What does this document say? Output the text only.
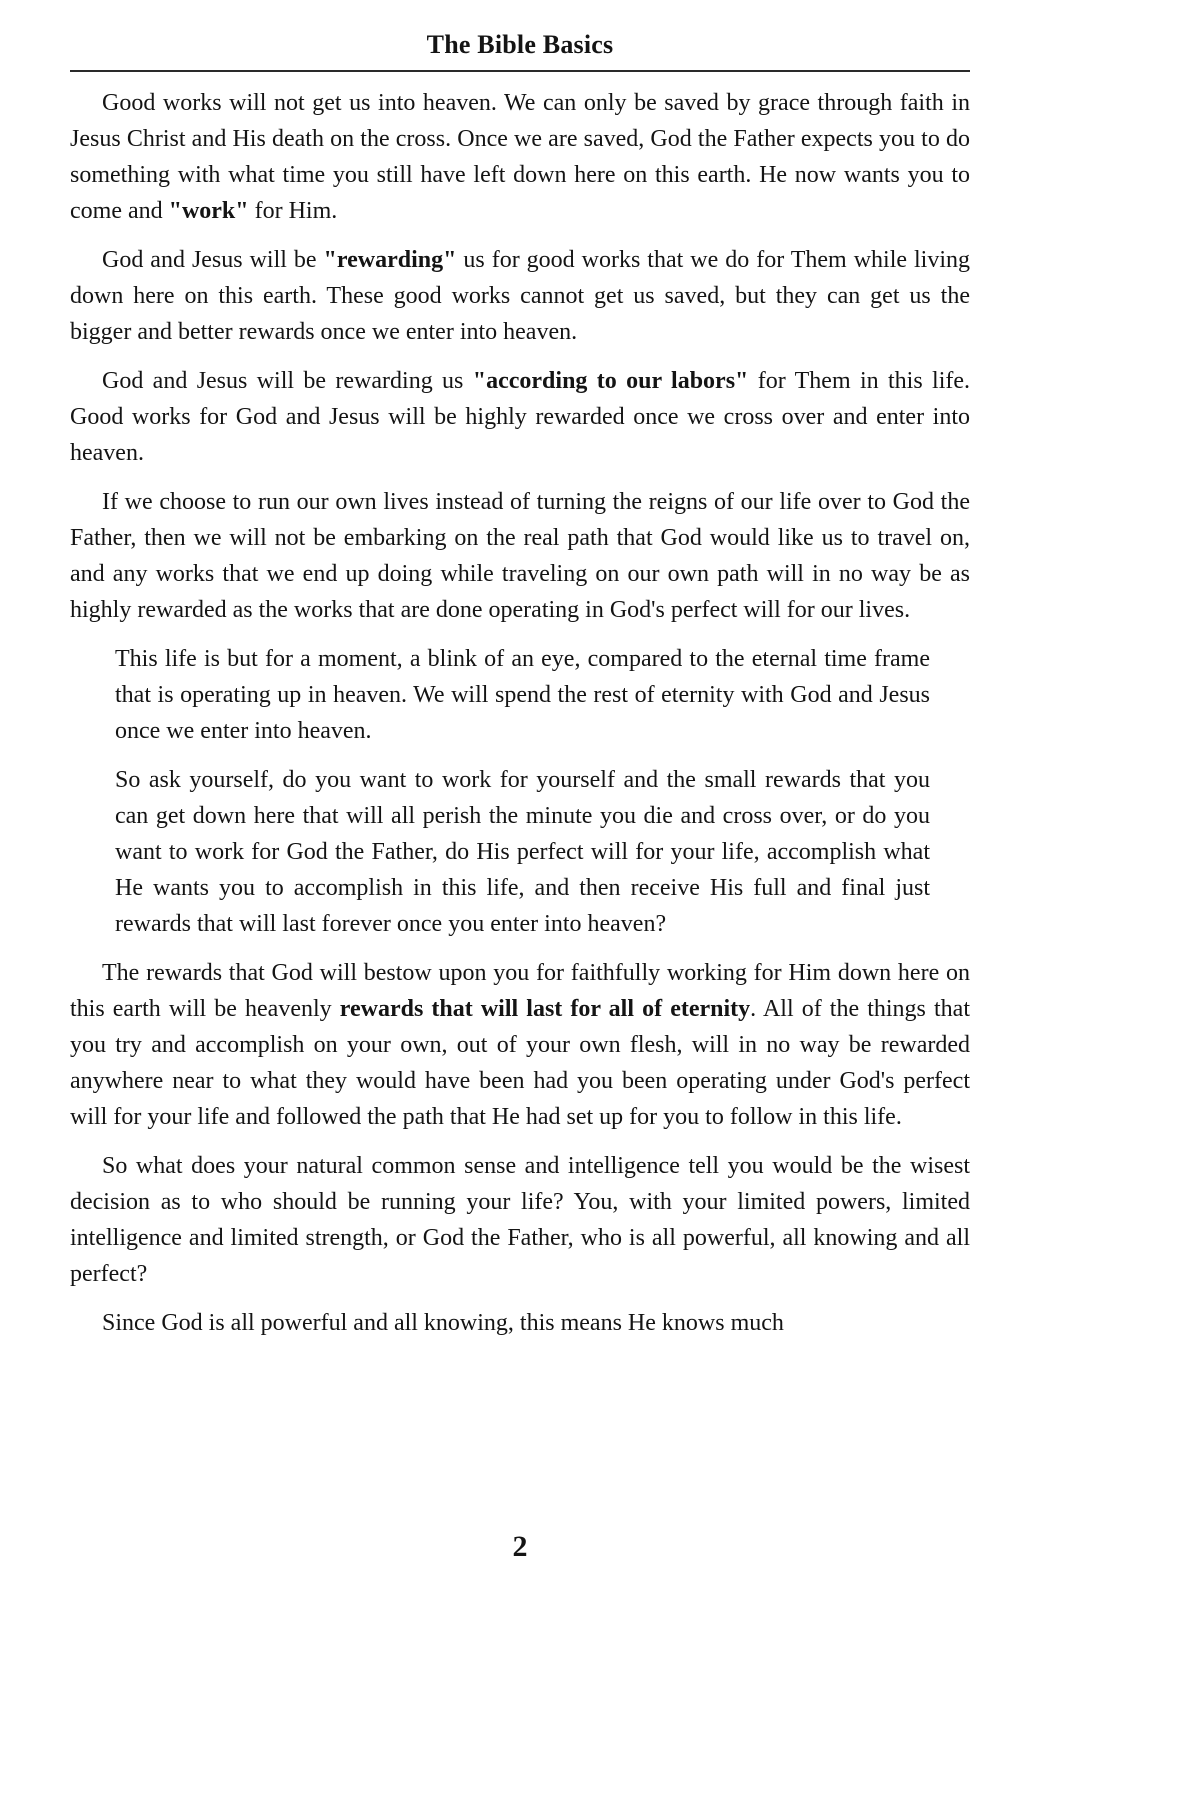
The Bible Basics

Good works will not get us into heaven. We can only be saved by grace through faith in Jesus Christ and His death on the cross. Once we are saved, God the Father expects you to do something with what time you still have left down here on this earth. He now wants you to come and "work" for Him.

God and Jesus will be "rewarding" us for good works that we do for Them while living down here on this earth. These good works cannot get us saved, but they can get us the bigger and better rewards once we enter into heaven.

God and Jesus will be rewarding us "according to our labors" for Them in this life. Good works for God and Jesus will be highly rewarded once we cross over and enter into heaven.

If we choose to run our own lives instead of turning the reigns of our life over to God the Father, then we will not be embarking on the real path that God would like us to travel on, and any works that we end up doing while traveling on our own path will in no way be as highly rewarded as the works that are done operating in God's perfect will for our lives.

This life is but for a moment, a blink of an eye, compared to the eternal time frame that is operating up in heaven. We will spend the rest of eternity with God and Jesus once we enter into heaven.

So ask yourself, do you want to work for yourself and the small rewards that you can get down here that will all perish the minute you die and cross over, or do you want to work for God the Father, do His perfect will for your life, accomplish what He wants you to accomplish in this life, and then receive His full and final just rewards that will last forever once you enter into heaven?

The rewards that God will bestow upon you for faithfully working for Him down here on this earth will be heavenly rewards that will last for all of eternity. All of the things that you try and accomplish on your own, out of your own flesh, will in no way be rewarded anywhere near to what they would have been had you been operating under God's perfect will for your life and followed the path that He had set up for you to follow in this life.

So what does your natural common sense and intelligence tell you would be the wisest decision as to who should be running your life? You, with your limited powers, limited intelligence and limited strength, or God the Father, who is all powerful, all knowing and all perfect?

Since God is all powerful and all knowing, this means He knows much

2
